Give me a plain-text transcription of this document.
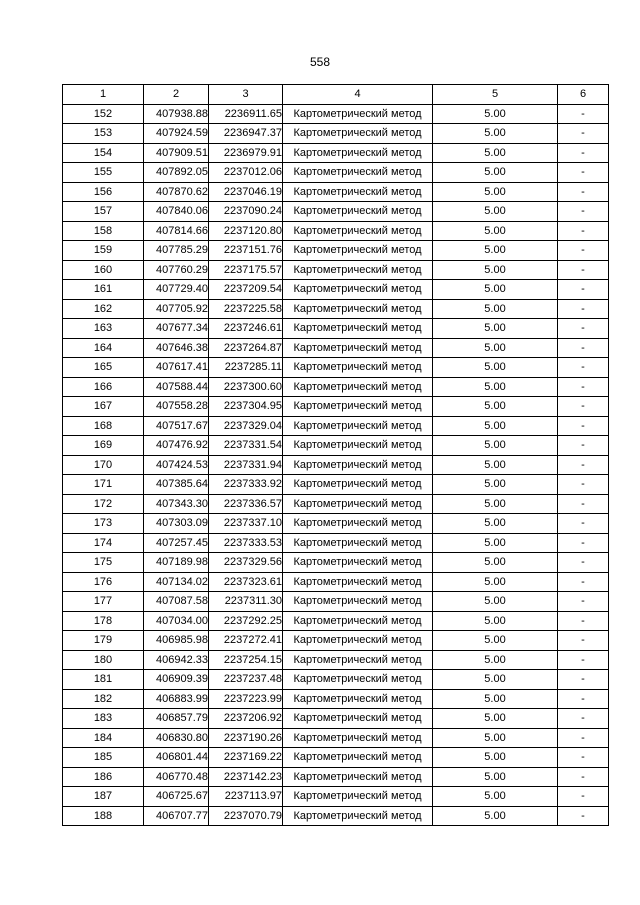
558
1	2	3	4	5	6
152	407938.88	2236911.65	Картометрический метод	5.00	-
153	407924.59	2236947.37	Картометрический метод	5.00	-
154	407909.51	2236979.91	Картометрический метод	5.00	-
155	407892.05	2237012.06	Картометрический метод	5.00	-
156	407870.62	2237046.19	Картометрический метод	5.00	-
157	407840.06	2237090.24	Картометрический метод	5.00	-
158	407814.66	2237120.80	Картометрический метод	5.00	-
159	407785.29	2237151.76	Картометрический метод	5.00	-
160	407760.29	2237175.57	Картометрический метод	5.00	-
161	407729.40	2237209.54	Картометрический метод	5.00	-
162	407705.92	2237225.58	Картометрический метод	5.00	-
163	407677.34	2237246.61	Картометрический метод	5.00	-
164	407646.38	2237264.87	Картометрический метод	5.00	-
165	407617.41	2237285.11	Картометрический метод	5.00	-
166	407588.44	2237300.60	Картометрический метод	5.00	-
167	407558.28	2237304.95	Картометрический метод	5.00	-
168	407517.67	2237329.04	Картометрический метод	5.00	-
169	407476.92	2237331.54	Картометрический метод	5.00	-
170	407424.53	2237331.94	Картометрический метод	5.00	-
171	407385.64	2237333.92	Картометрический метод	5.00	-
172	407343.30	2237336.57	Картометрический метод	5.00	-
173	407303.09	2237337.10	Картометрический метод	5.00	-
174	407257.45	2237333.53	Картометрический метод	5.00	-
175	407189.98	2237329.56	Картометрический метод	5.00	-
176	407134.02	2237323.61	Картометрический метод	5.00	-
177	407087.58	2237311.30	Картометрический метод	5.00	-
178	407034.00	2237292.25	Картометрический метод	5.00	-
179	406985.98	2237272.41	Картометрический метод	5.00	-
180	406942.33	2237254.15	Картометрический метод	5.00	-
181	406909.39	2237237.48	Картометрический метод	5.00	-
182	406883.99	2237223.99	Картометрический метод	5.00	-
183	406857.79	2237206.92	Картометрический метод	5.00	-
184	406830.80	2237190.26	Картометрический метод	5.00	-
185	406801.44	2237169.22	Картометрический метод	5.00	-
186	406770.48	2237142.23	Картометрический метод	5.00	-
187	406725.67	2237113.97	Картометрический метод	5.00	-
188	406707.77	2237070.79	Картометрический метод	5.00	-
